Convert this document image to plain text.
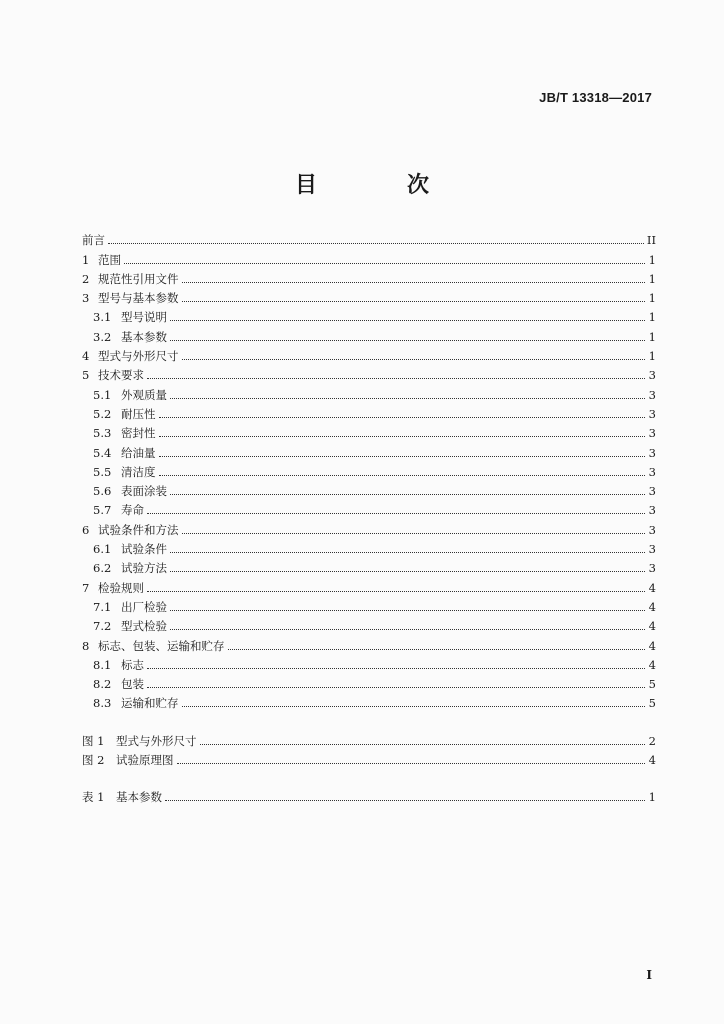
JB/T 13318—2017
目　次
前言	II
1 范围	1
2 规范性引用文件	1
3 型号与基本参数	1
3.1 型号说明	1
3.2 基本参数	1
4 型式与外形尺寸	1
5 技术要求	3
5.1 外观质量	3
5.2 耐压性	3
5.3 密封性	3
5.4 给油量	3
5.5 清洁度	3
5.6 表面涂装	3
5.7 寿命	3
6 试验条件和方法	3
6.1 试验条件	3
6.2 试验方法	3
7 检验规则	4
7.1 出厂检验	4
7.2 型式检验	4
8 标志、包装、运输和贮存	4
8.1 标志	4
8.2 包装	5
8.3 运输和贮存	5
图 1	型式与外形尺寸	2
图 2	试验原理图	4
表 1	基本参数	1
I
